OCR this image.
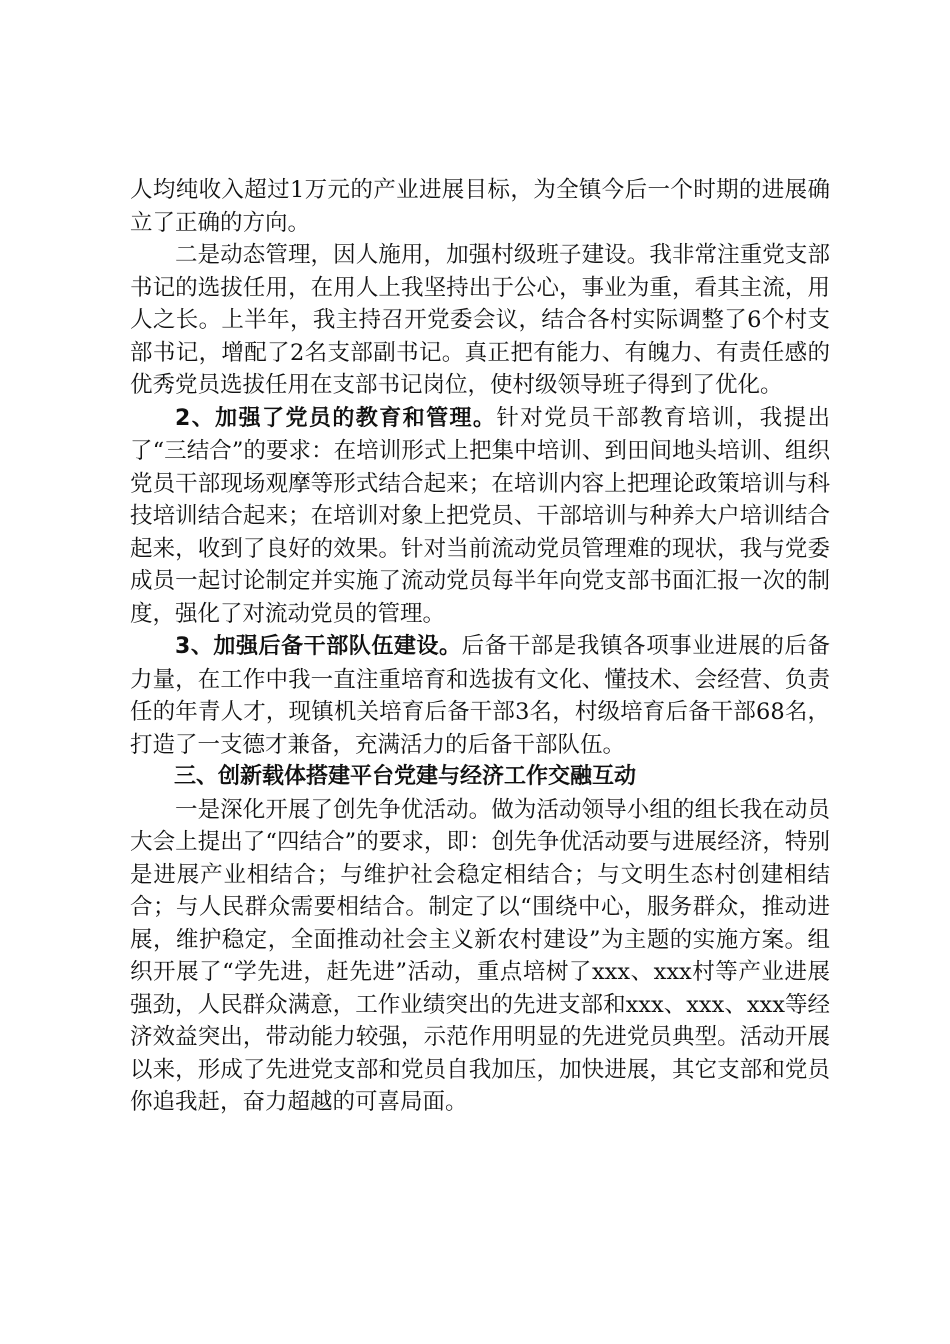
人均纯收入超过1万元的产业进展目标，为全镇今后一个时期的进展确立了正确的方向。

二是动态管理，因人施用，加强村级班子建设。我非常注重党支部书记的选拔任用，在用人上我坚持出于公心，事业为重，看其主流，用人之长。上半年，我主持召开党委会议，结合各村实际调整了6个村支部书记，增配了2名支部副书记。真正把有能力、有魄力、有责任感的优秀党员选拔任用在支部书记岗位，使村级领导班子得到了优化。

2、加强了党员的教育和管理。针对党员干部教育培训，我提出了“三结合”的要求：在培训形式上把集中培训、到田间地头培训、组织党员干部现场观摩等形式结合起来；在培训内容上把理论政策培训与科技培训结合起来；在培训对象上把党员、干部培训与种养大户培训结合起来，收到了良好的效果。针对当前流动党员管理难的现状，我与党委成员一起讨论制定并实施了流动党员每半年向党支部书面汇报一次的制度，强化了对流动党员的管理。

3、加强后备干部队伍建设。后备干部是我镇各项事业进展的后备力量，在工作中我一直注重培育和选拔有文化、懂技术、会经营、负责任的年青人才，现镇机关培育后备干部3名，村级培育后备干部68名，打造了一支德才兼备，充满活力的后备干部队伍。

三、创新载体搭建平台党建与经济工作交融互动

一是深化开展了创先争优活动。做为活动领导小组的组长我在动员大会上提出了“四结合”的要求，即：创先争优活动要与进展经济，特别是进展产业相结合；与维护社会稳定相结合；与文明生态村创建相结合；与人民群众需要相结合。制定了以“围绕中心，服务群众，推动进展，维护稳定，全面推动社会主义新农村建设”为主题的实施方案。组织开展了“学先进，赶先进”活动，重点培树了xxx、xxx村等产业进展强劲，人民群众满意，工作业绩突出的先进支部和xxx、xxx、xxx等经济效益突出，带动能力较强，示范作用明显的先进党员典型。活动开展以来，形成了先进党支部和党员自我加压，加快进展，其它支部和党员你追我赶，奋力超越的可喜局面。
